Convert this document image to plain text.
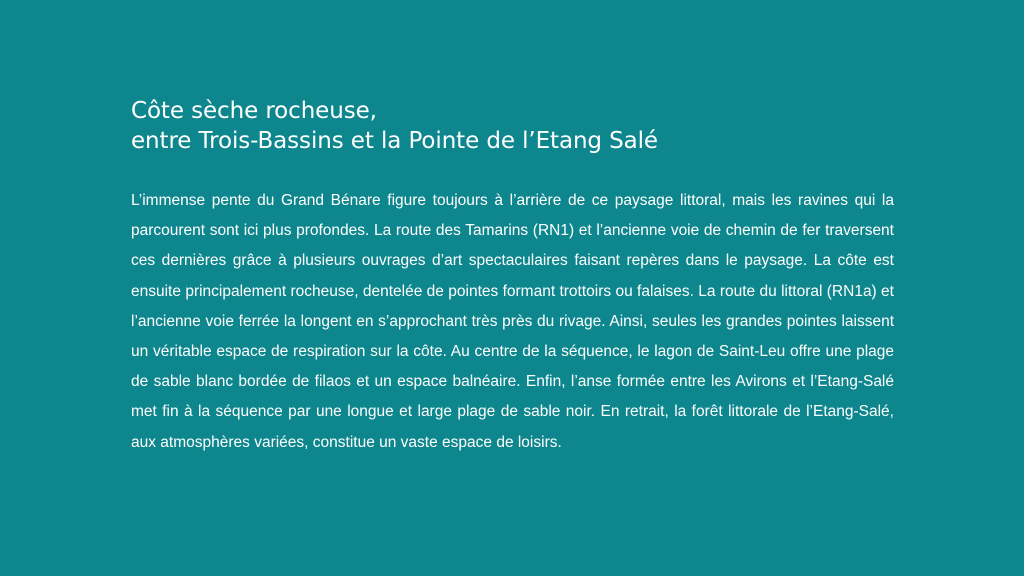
Côte sèche rocheuse,
entre Trois-Bassins et la Pointe de l’Etang Salé

L’immense pente du Grand Bénare figure toujours à l’arrière de ce paysage littoral, mais les ravines qui la parcourent sont ici plus profondes. La route des Tamarins (RN1) et l’ancienne voie de chemin de fer traversent ces dernières grâce à plusieurs ouvrages d’art spectaculaires faisant repères dans le paysage. La côte est ensuite principalement rocheuse, dentelée de pointes formant trottoirs ou falaises. La route du littoral (RN1a) et l’ancienne voie ferrée la longent en s’approchant très près du rivage. Ainsi, seules les grandes pointes laissent un véritable espace de respiration sur la côte. Au centre de la séquence, le lagon de Saint-Leu offre une plage de sable blanc bordée de filaos et un espace balnéaire. Enfin, l’anse formée entre les Avirons et l’Etang-Salé met fin à la séquence par une longue et large plage de sable noir. En retrait, la forêt littorale de l’Etang-Salé, aux atmosphères variées, constitue un vaste espace de loisirs.
